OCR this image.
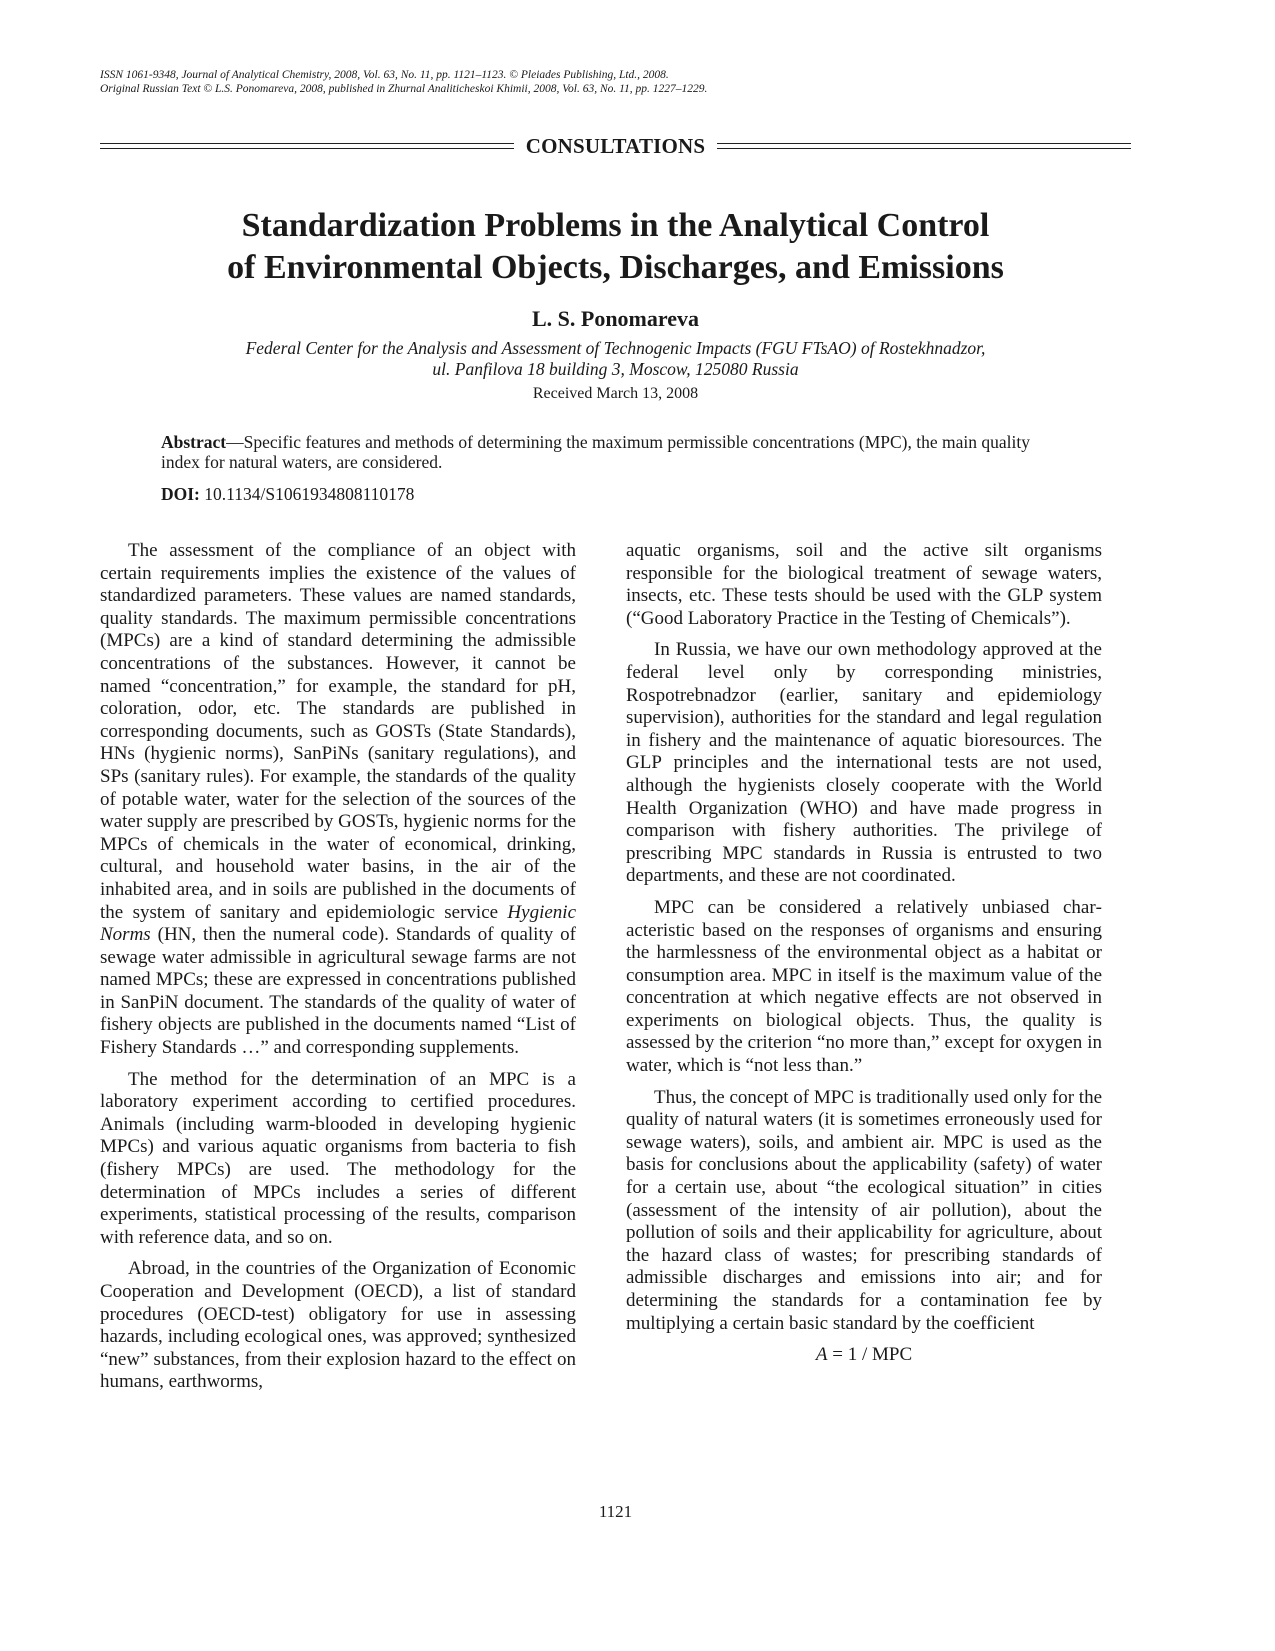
ISSN 1061-9348, Journal of Analytical Chemistry, 2008, Vol. 63, No. 11, pp. 1121–1123. © Pleiades Publishing, Ltd., 2008.
Original Russian Text © L.S. Ponomareva, 2008, published in Zhurnal Analiticheskoi Khimii, 2008, Vol. 63, No. 11, pp. 1227–1229.
CONSULTATIONS
Standardization Problems in the Analytical Control
of Environmental Objects, Discharges, and Emissions
L. S. Ponomareva
Federal Center for the Analysis and Assessment of Technogenic Impacts (FGU FTsAO) of Rostekhnadzor,
ul. Panfilova 18 building 3, Moscow, 125080 Russia
Received March 13, 2008
Abstract—Specific features and methods of determining the maximum permissible concentrations (MPC), the main quality index for natural waters, are considered.
DOI: 10.1134/S1061934808110178

The assessment of the compliance of an object with certain requirements implies the existence of the values of standardized parameters. These values are named standards, quality standards. The maximum permissible concentrations (MPCs) are a kind of standard determining the admissible concentrations of the substances. However, it cannot be named “concentration,” for example, the standard for pH, coloration, odor, etc. The standards are published in corresponding documents, such as GOSTs (State Standards), HNs (hygienic norms), SanPiNs (sanitary regulations), and SPs (sanitary rules). For example, the standards of the quality of potable water, water for the selection of the sources of the water supply are prescribed by GOSTs, hygienic norms for the MPCs of chemicals in the water of economical, drinking, cultural, and household water basins, in the air of the inhabited area, and in soils are published in the documents of the system of sanitary and epidemiologic service Hygienic Norms (HN, then the numeral code). Standards of quality of sewage water admissible in agricultural sewage farms are not named MPCs; these are expressed in concentrations published in SanPiN document. The standards of the quality of water of fishery objects are published in the documents named “List of Fishery Standards …” and corresponding supplements.

The method for the determination of an MPC is a laboratory experiment according to certified procedures. Animals (including warm-blooded in developing hygienic MPCs) and various aquatic organisms from bacteria to fish (fishery MPCs) are used. The methodology for the determination of MPCs includes a series of different experiments, statistical processing of the results, comparison with reference data, and so on.

Abroad, in the countries of the Organization of Economic Cooperation and Development (OECD), a list of standard procedures (OECD-test) obligatory for use in assessing hazards, including ecological ones, was approved; synthesized “new” substances, from their explosion hazard to the effect on humans, earthworms,

aquatic organisms, soil and the active silt organisms responsible for the biological treatment of sewage waters, insects, etc. These tests should be used with the GLP system (“Good Laboratory Practice in the Testing of Chemicals”).

In Russia, we have our own methodology approved at the federal level only by corresponding ministries, Rospotrebnadzor (earlier, sanitary and epidemiology supervision), authorities for the standard and legal regulation in fishery and the maintenance of aquatic bioresources. The GLP principles and the international tests are not used, although the hygienists closely cooperate with the World Health Organization (WHO) and have made progress in comparison with fishery authorities. The privilege of prescribing MPC standards in Russia is entrusted to two departments, and these are not coordinated.

MPC can be considered a relatively unbiased characteristic based on the responses of organisms and ensuring the harmlessness of the environmental object as a habitat or consumption area. MPC in itself is the maximum value of the concentration at which negative effects are not observed in experiments on biological objects. Thus, the quality is assessed by the criterion “no more than,” except for oxygen in water, which is “not less than.”

Thus, the concept of MPC is traditionally used only for the quality of natural waters (it is sometimes erroneously used for sewage waters), soils, and ambient air. MPC is used as the basis for conclusions about the applicability (safety) of water for a certain use, about “the ecological situation” in cities (assessment of the intensity of air pollution), about the pollution of soils and their applicability for agriculture, about the hazard class of wastes; for prescribing standards of admissible discharges and emissions into air; and for determining the standards for a contamination fee by multiplying a certain basic standard by the coefficient

A = 1 / MPC

1121
